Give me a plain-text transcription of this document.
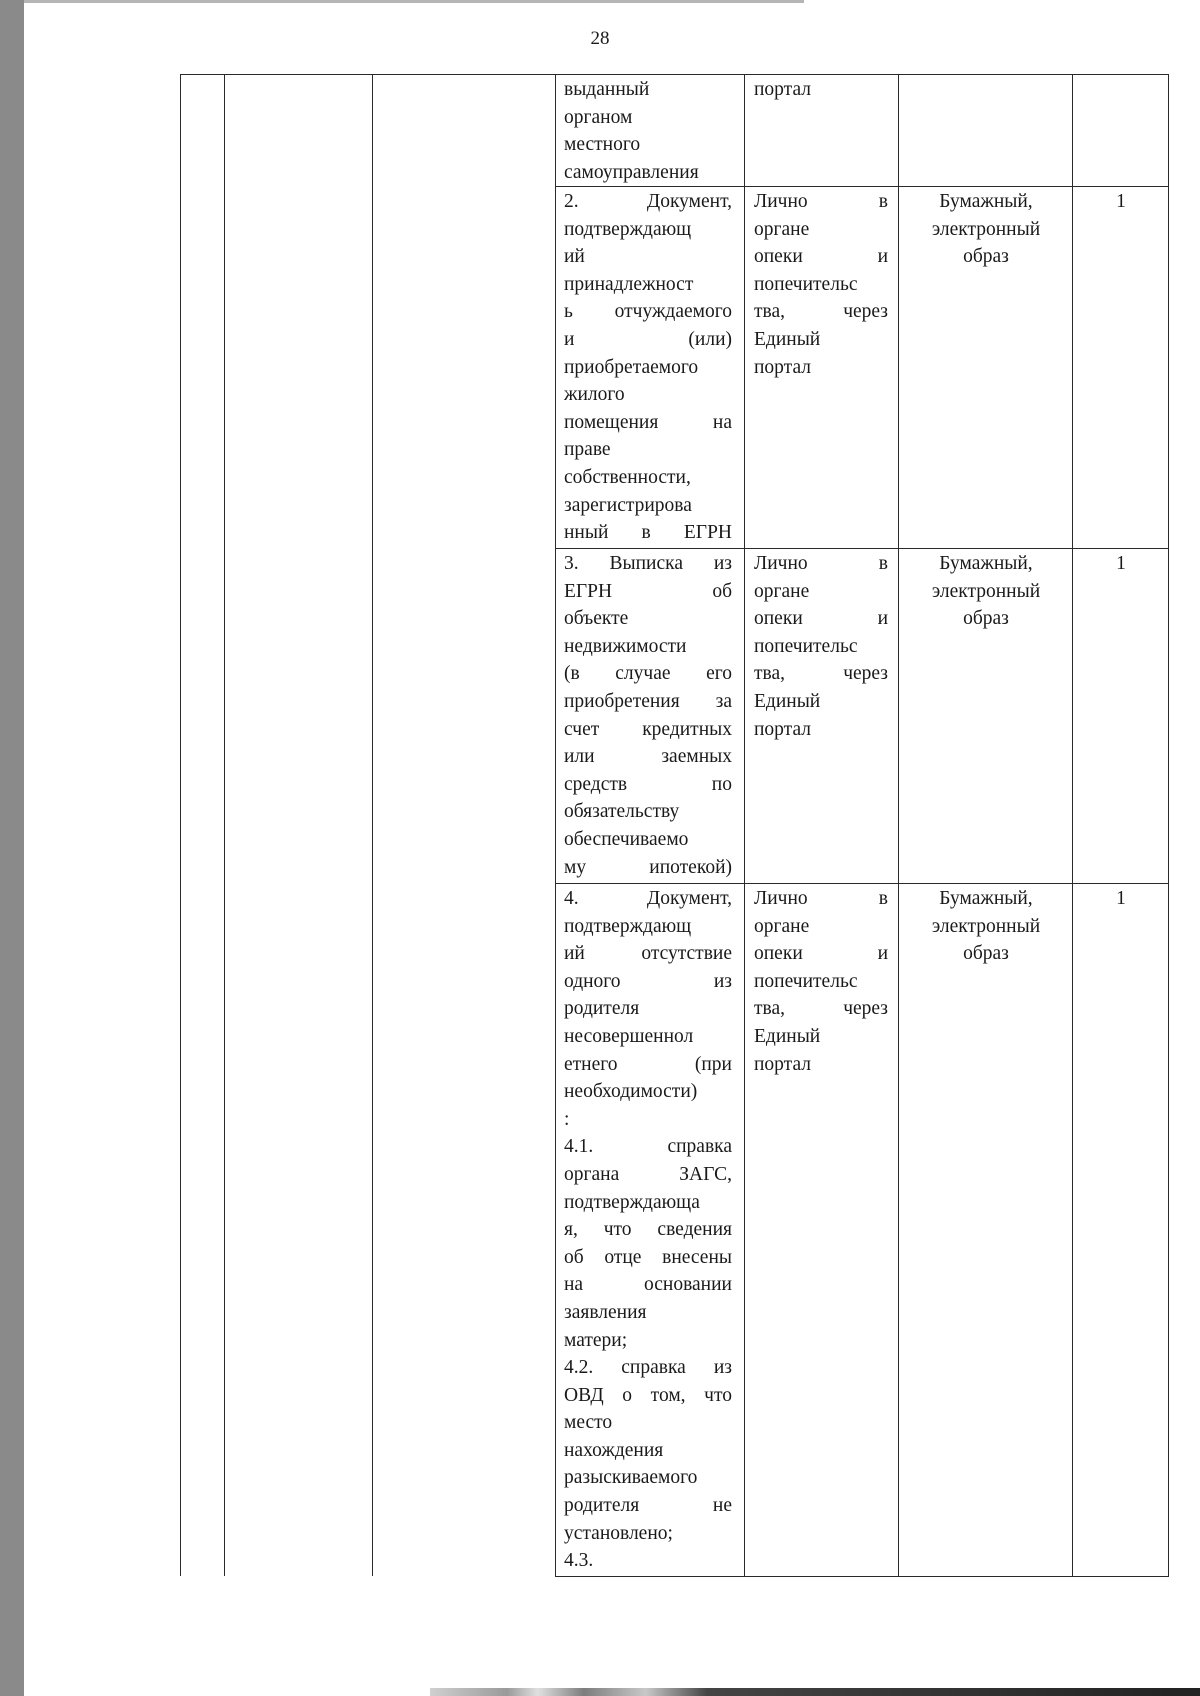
28
выданный
органом
местного
самоуправления
портал
2. Документ,
подтверждающ
ий
принадлежност
ь отчуждаемого
и (или)
приобретаемого
жилого
помещения на
праве
собственности,
зарегистрирова
нный в ЕГРН
Лично в
органе
опеки и
попечительс
тва, через
Единый
портал
Бумажный,
электронный
образ
1
3. Выписка из
ЕГРН об
объекте
недвижимости
(в случае его
приобретения за
счет кредитных
или заемных
средств по
обязательству
обеспечиваемо
му ипотекой)
Лично в
органе
опеки и
попечительс
тва, через
Единый
портал
Бумажный,
электронный
образ
1
4. Документ,
подтверждающ
ий отсутствие
одного из
родителя
несовершеннол
етнего (при
необходимости)
:
4.1. справка
органа ЗАГС,
подтверждающа
я, что сведения
об отце внесены
на основании
заявления
матери;
4.2. справка из
ОВД о том, что
место
нахождения
разыскиваемого
родителя не
установлено;
4.3.
Лично в
органе
опеки и
попечительс
тва, через
Единый
портал
Бумажный,
электронный
образ
1
